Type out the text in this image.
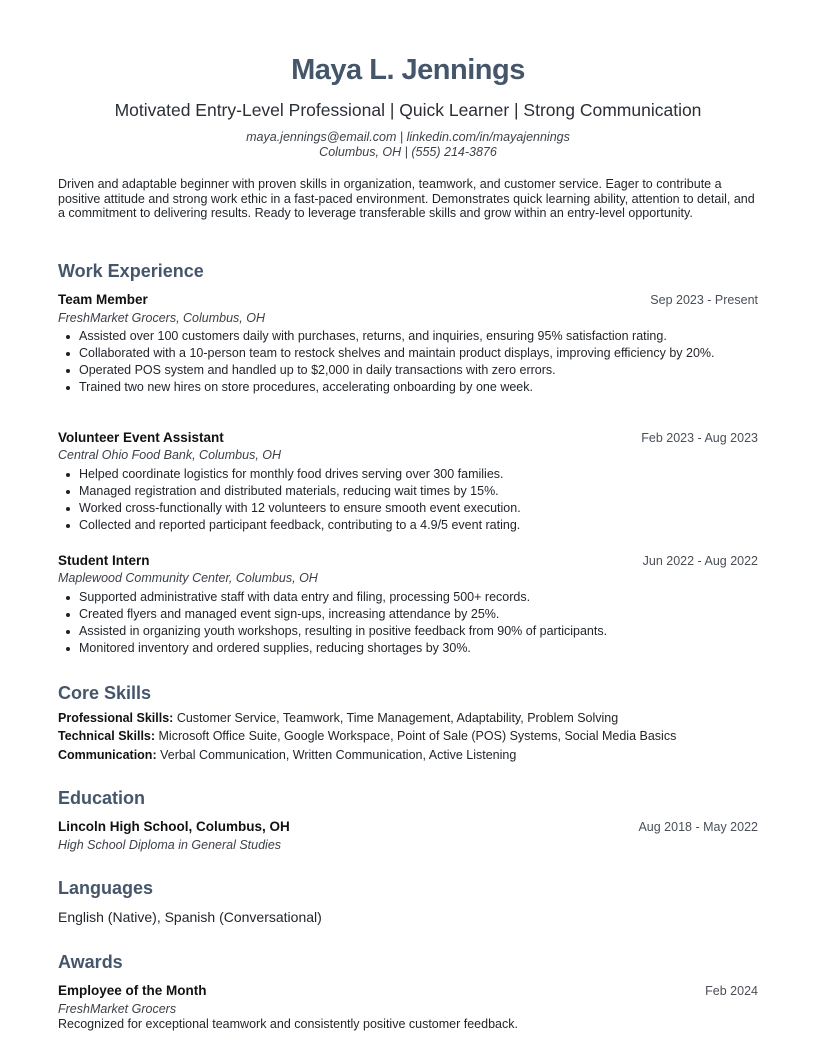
Maya L. Jennings
Motivated Entry-Level Professional | Quick Learner | Strong Communication
maya.jennings@email.com | linkedin.com/in/mayajennings
Columbus, OH | (555) 214-3876
Driven and adaptable beginner with proven skills in organization, teamwork, and customer service. Eager to contribute a positive attitude and strong work ethic in a fast-paced environment. Demonstrates quick learning ability, attention to detail, and a commitment to delivering results. Ready to leverage transferable skills and grow within an entry-level opportunity.
Work Experience
Team Member	Sep 2023 - Present
FreshMarket Grocers, Columbus, OH
Assisted over 100 customers daily with purchases, returns, and inquiries, ensuring 95% satisfaction rating.
Collaborated with a 10-person team to restock shelves and maintain product displays, improving efficiency by 20%.
Operated POS system and handled up to $2,000 in daily transactions with zero errors.
Trained two new hires on store procedures, accelerating onboarding by one week.
Volunteer Event Assistant	Feb 2023 - Aug 2023
Central Ohio Food Bank, Columbus, OH
Helped coordinate logistics for monthly food drives serving over 300 families.
Managed registration and distributed materials, reducing wait times by 15%.
Worked cross-functionally with 12 volunteers to ensure smooth event execution.
Collected and reported participant feedback, contributing to a 4.9/5 event rating.
Student Intern	Jun 2022 - Aug 2022
Maplewood Community Center, Columbus, OH
Supported administrative staff with data entry and filing, processing 500+ records.
Created flyers and managed event sign-ups, increasing attendance by 25%.
Assisted in organizing youth workshops, resulting in positive feedback from 90% of participants.
Monitored inventory and ordered supplies, reducing shortages by 30%.
Core Skills
Professional Skills: Customer Service, Teamwork, Time Management, Adaptability, Problem Solving
Technical Skills: Microsoft Office Suite, Google Workspace, Point of Sale (POS) Systems, Social Media Basics
Communication: Verbal Communication, Written Communication, Active Listening
Education
Lincoln High School, Columbus, OH	Aug 2018 - May 2022
High School Diploma in General Studies
Languages
English (Native), Spanish (Conversational)
Awards
Employee of the Month	Feb 2024
FreshMarket Grocers
Recognized for exceptional teamwork and consistently positive customer feedback.
